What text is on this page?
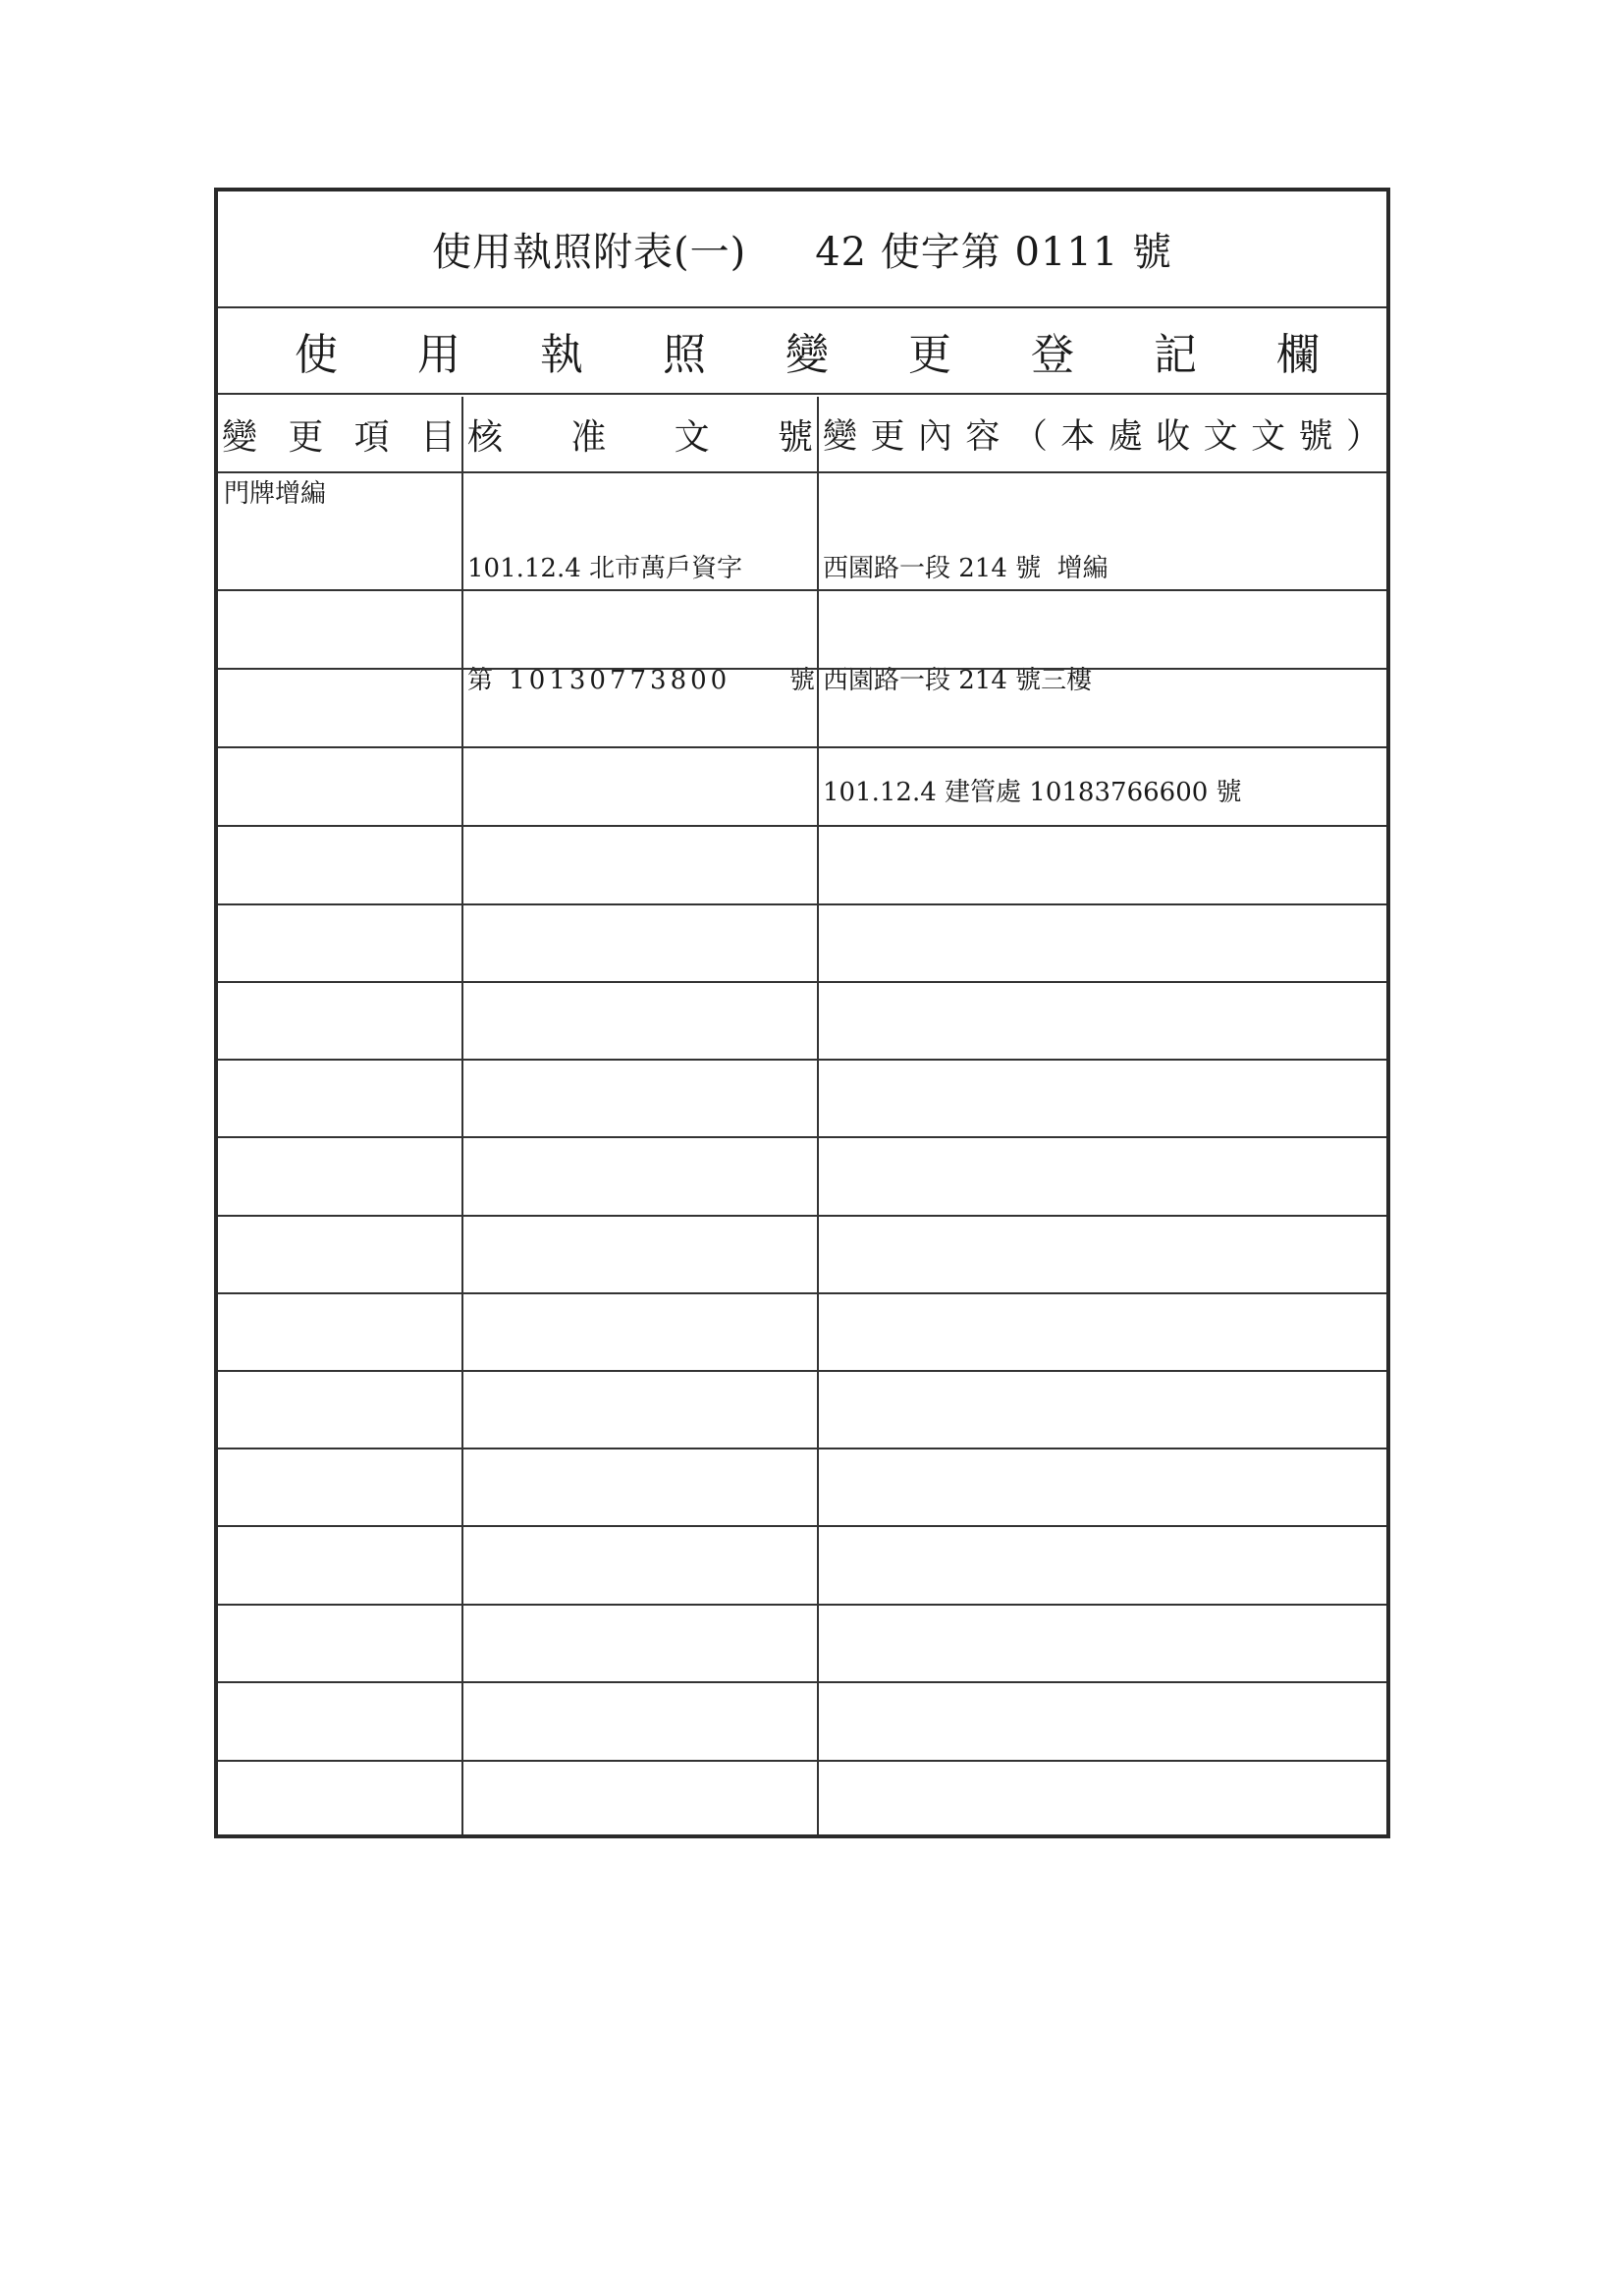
使用執照附表(一) 42 使字第 0111 號
使 用 執 照 變 更 登 記 欄
變 更 項 目 核 准 文 號 變 更 內 容 （ 本 處 收 文 文 號 ）
門牌增編

101.12.4 北市萬戶資字

第 10130773800 號

西園路一段 214 號  增編

西園路一段 214 號三樓

101.12.4 建管處 10183766600 號
